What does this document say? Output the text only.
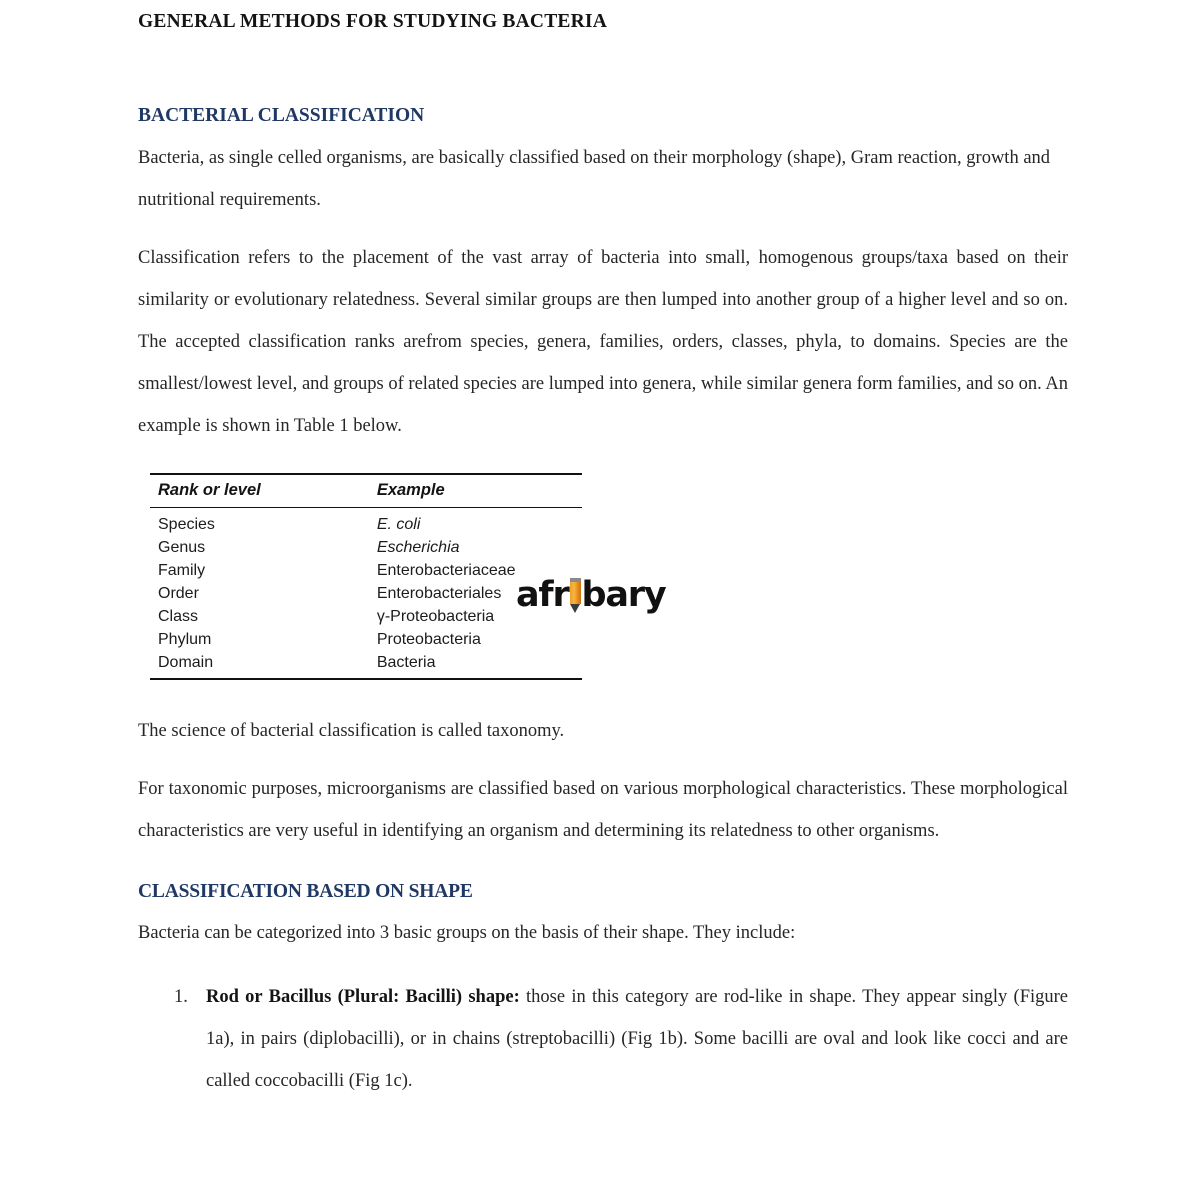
GENERAL METHODS FOR STUDYING BACTERIA
BACTERIAL CLASSIFICATION

Bacteria, as single celled organisms, are basically classified based on their morphology (shape), Gram reaction, growth and nutritional requirements.

Classification refers to the placement of the vast array of bacteria into small, homogenous groups/taxa based on their similarity or evolutionary relatedness. Several similar groups are then lumped into another group of a higher level and so on. The accepted classification ranks arefrom species, genera, families, orders, classes, phyla, to domains. Species are the smallest/lowest level, and groups of related species are lumped into genera, while similar genera form families, and so on. An example is shown in Table 1 below.

Rank or level	Example
Species	E. coli
Genus	Escherichia
Family	Enterobacteriaceae
Order	Enterobacteriales
Class	γ-Proteobacteria
Phylum	Proteobacteria
Domain	Bacteria

The science of bacterial classification is called taxonomy.

For taxonomic purposes, microorganisms are classified based on various morphological characteristics. These morphological characteristics are very useful in identifying an organism and determining its relatedness to other organisms.

CLASSIFICATION BASED ON SHAPE

Bacteria can be categorized into 3 basic groups on the basis of their shape. They include:

1. Rod or Bacillus (Plural: Bacilli) shape: those in this category are rod-like in shape. They appear singly (Figure 1a), in pairs (diplobacilli), or in chains (streptobacilli) (Fig 1b). Some bacilli are oval and look like cocci and are called coccobacilli (Fig 1c).
afr bary
